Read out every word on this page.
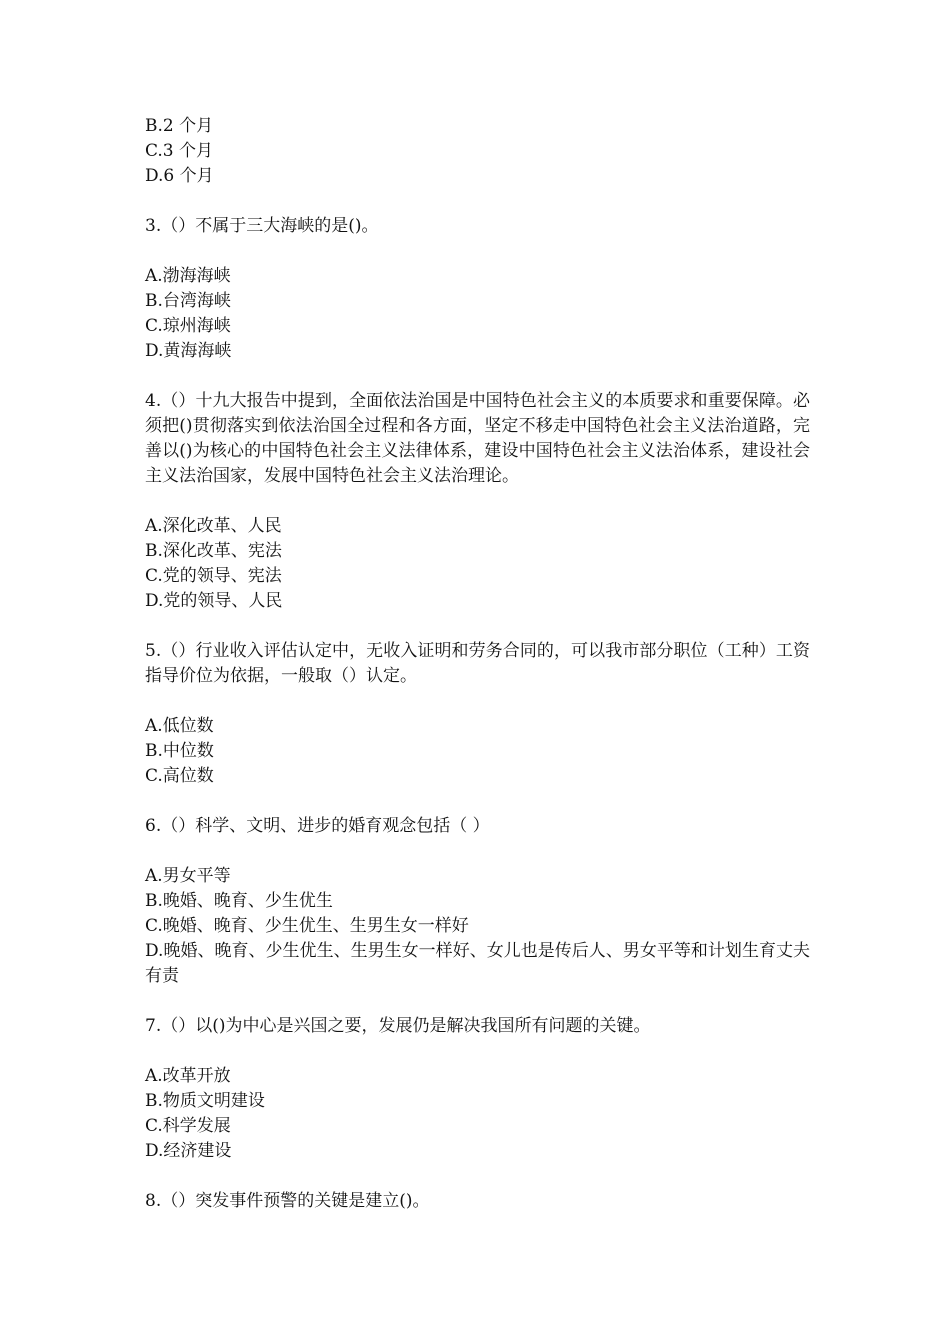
B.2 个月
C.3 个月
D.6 个月
3.（）不属于三大海峡的是()。
A.渤海海峡
B.台湾海峡
C.琼州海峡
D.黄海海峡
4.（）十九大报告中提到，全面依法治国是中国特色社会主义的本质要求和重要保障。必须把()贯彻落实到依法治国全过程和各方面，坚定不移走中国特色社会主义法治道路，完善以()为核心的中国特色社会主义法律体系，建设中国特色社会主义法治体系，建设社会主义法治国家，发展中国特色社会主义法治理论。
A.深化改革、人民
B.深化改革、宪法
C.党的领导、宪法
D.党的领导、人民
5.（）行业收入评估认定中，无收入证明和劳务合同的，可以我市部分职位（工种）工资指导价位为依据，一般取（）认定。
A.低位数
B.中位数
C.高位数
6.（）科学、文明、进步的婚育观念包括（ ）
A.男女平等
B.晚婚、晚育、少生优生
C.晚婚、晚育、少生优生、生男生女一样好
D.晚婚、晚育、少生优生、生男生女一样好、女儿也是传后人、男女平等和计划生育丈夫 有责
7.（）以()为中心是兴国之要，发展仍是解决我国所有问题的关键。
A.改革开放
B.物质文明建设
C.科学发展
D.经济建设
8.（）突发事件预警的关键是建立()。
